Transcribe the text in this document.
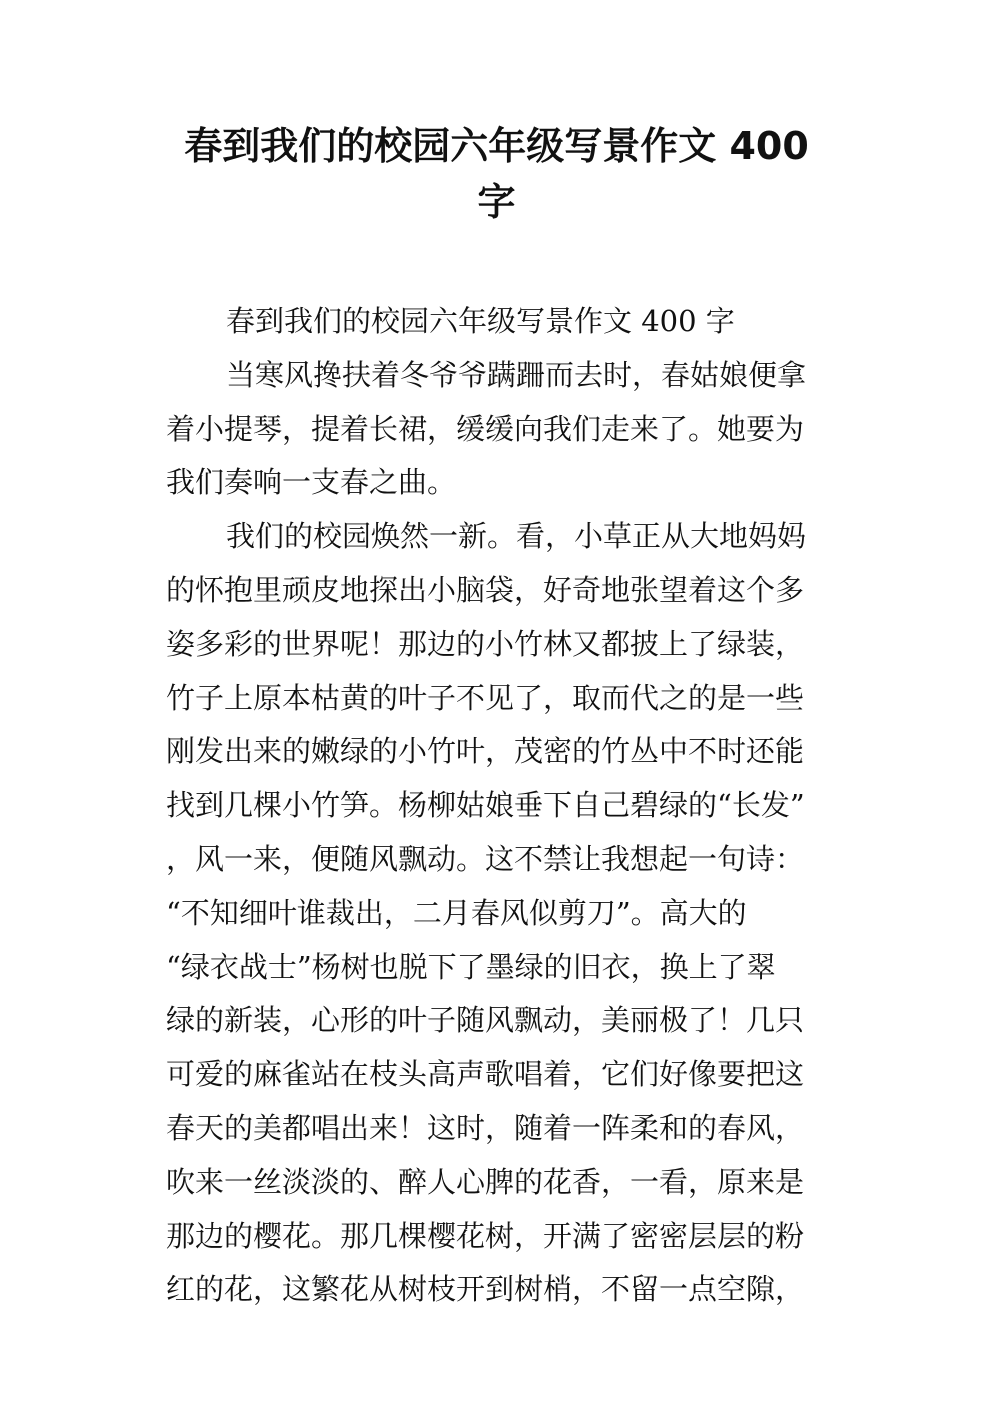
春到我们的校园六年级写景作文 400
字
春到我们的校园六年级写景作文 400 字
当寒风搀扶着冬爷爷蹒跚而去时，春姑娘便拿
着小提琴，提着长裙，缓缓向我们走来了。她要为
我们奏响一支春之曲。
我们的校园焕然一新。看，小草正从大地妈妈
的怀抱里顽皮地探出小脑袋，好奇地张望着这个多
姿多彩的世界呢！那边的小竹林又都披上了绿装，
竹子上原本枯黄的叶子不见了，取而代之的是一些
刚发出来的嫩绿的小竹叶，茂密的竹丛中不时还能
找到几棵小竹笋。杨柳姑娘垂下自己碧绿的“长发”
，风一来，便随风飘动。这不禁让我想起一句诗：
“不知细叶谁裁出，二月春风似剪刀”。高大的
“绿衣战士”杨树也脱下了墨绿的旧衣，换上了翠
绿的新装，心形的叶子随风飘动，美丽极了！几只
可爱的麻雀站在枝头高声歌唱着，它们好像要把这
春天的美都唱出来！这时，随着一阵柔和的春风，
吹来一丝淡淡的、醉人心脾的花香，一看，原来是
那边的樱花。那几棵樱花树，开满了密密层层的粉
红的花，这繁花从树枝开到树梢，不留一点空隙，
